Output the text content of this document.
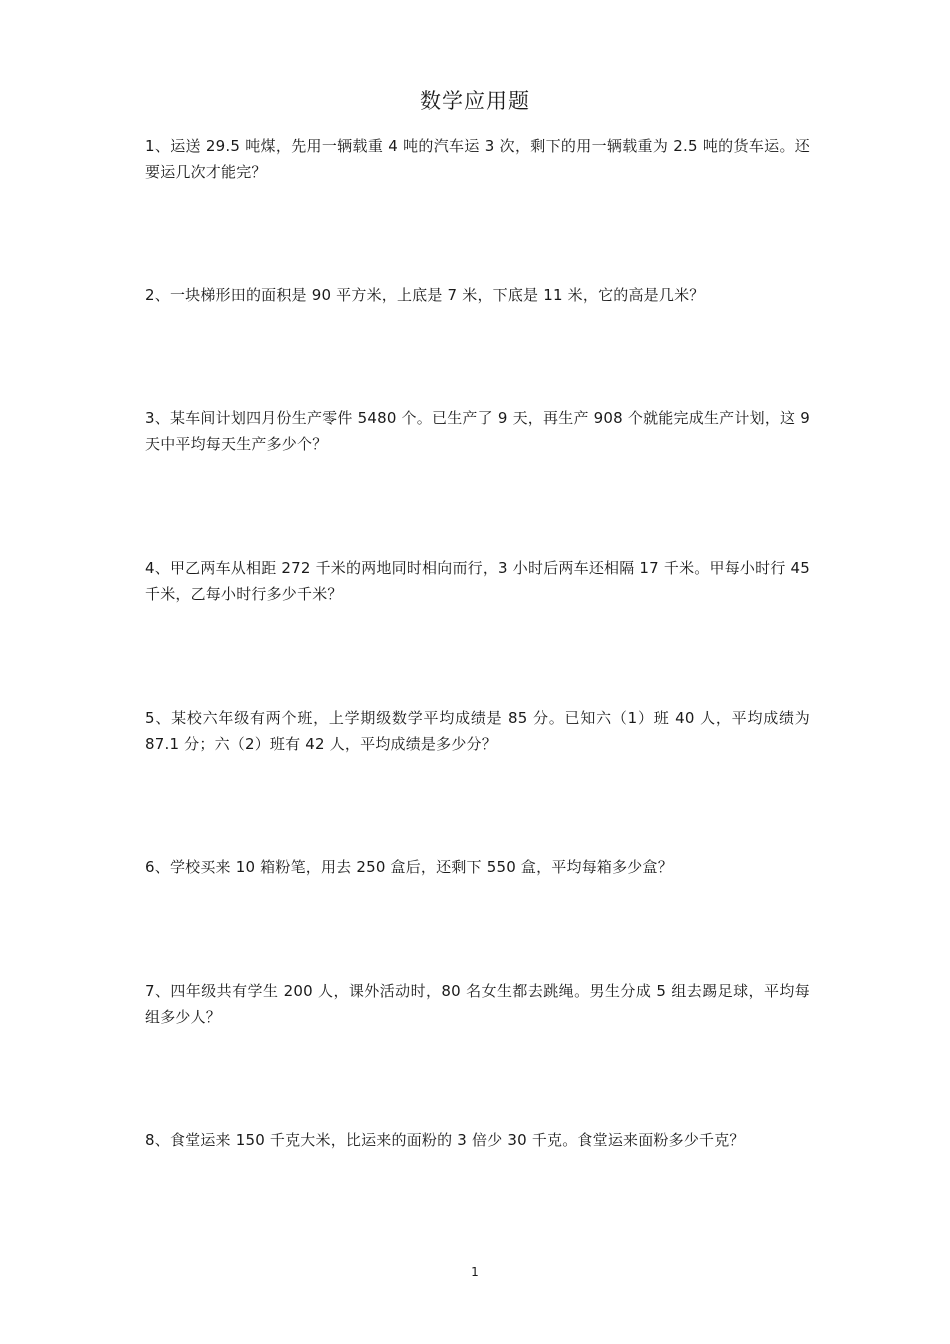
数学应用题
1、运送 29.5 吨煤，先用一辆载重 4 吨的汽车运 3 次，剩下的用一辆载重为 2.5 吨的货车运。还要运几次才能完？
2、一块梯形田的面积是 90 平方米，上底是 7 米，下底是 11 米，它的高是几米？
3、某车间计划四月份生产零件 5480 个。已生产了 9 天，再生产 908 个就能完成生产计划，这 9 天中平均每天生产多少个？
4、甲乙两车从相距 272 千米的两地同时相向而行，3 小时后两车还相隔 17 千米。甲每小时行 45 千米，乙每小时行多少千米？
5、某校六年级有两个班，上学期级数学平均成绩是 85 分。已知六（1）班 40 人，平均成绩为 87.1 分；六（2）班有 42 人，平均成绩是多少分？
6、学校买来 10 箱粉笔，用去 250 盒后，还剩下 550 盒，平均每箱多少盒？
7、四年级共有学生 200 人，课外活动时，80 名女生都去跳绳。男生分成 5 组去踢足球，平均每组多少人？
8、食堂运来 150 千克大米，比运来的面粉的 3 倍少 30 千克。食堂运来面粉多少千克？
1
